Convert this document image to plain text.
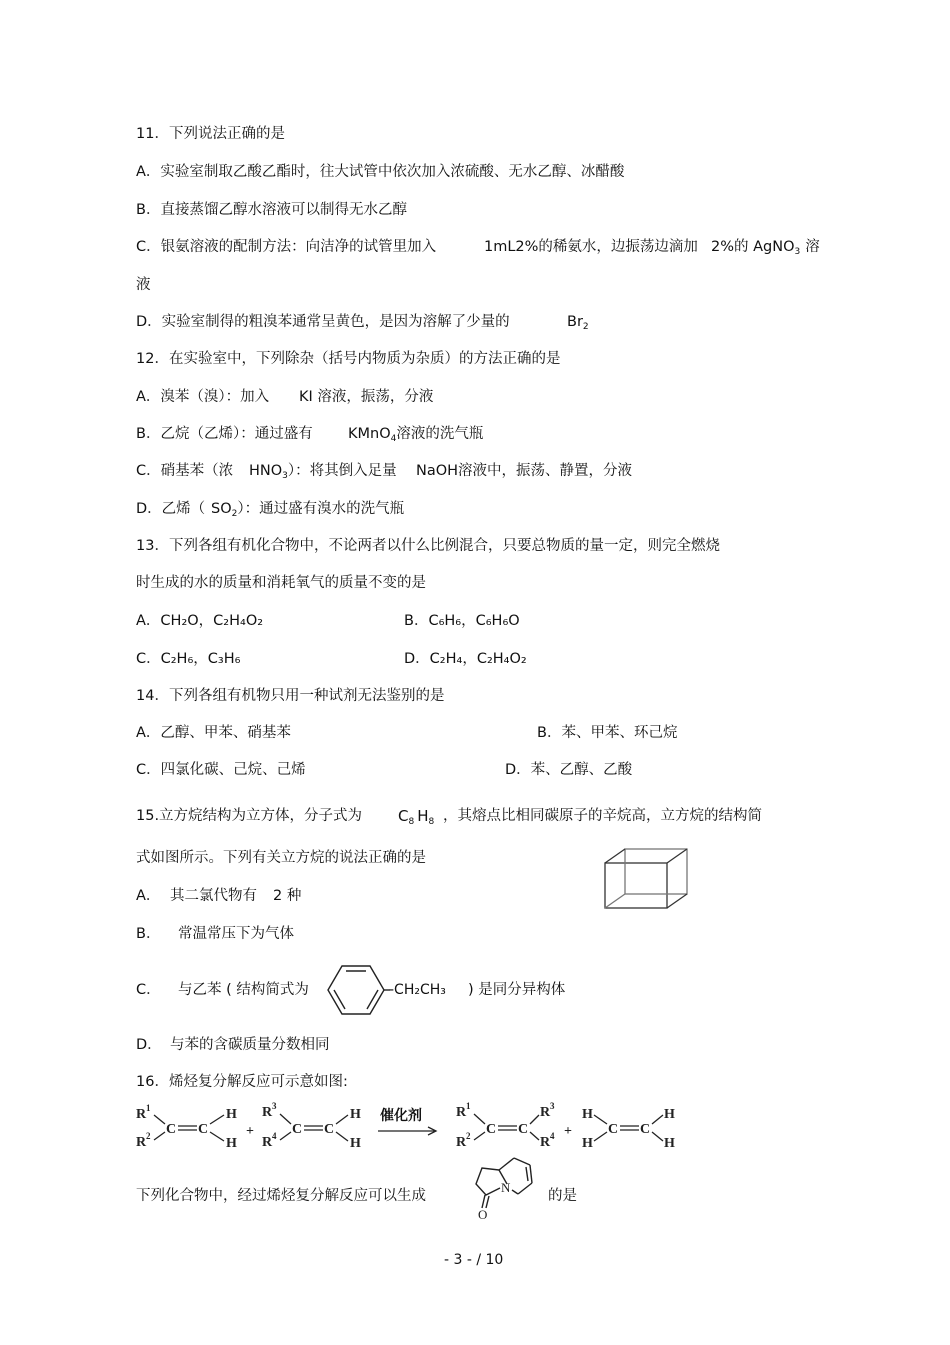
11．下列说法正确的是
A．实验室制取乙酸乙酯时，往大试管中依次加入浓硫酸、无水乙醇、冰醋酸
B．直接蒸馏乙醇水溶液可以制得无水乙醇
C．银氨溶液的配制方法：向洁净的试管里加入	1mL2%的稀氨水，边振荡边滴加 2%的 AgNO$_3$ 溶
液
D．实验室制得的粗溴苯通常呈黄色，是因为溶解了少量的	$Br_2$
12．在实验室中，下列除杂（括号内物质为杂质）的方法正确的是
A．溴苯（溴）：加入 KI 溶液，振荡，分液
B．乙烷（乙烯）：通过盛有 KMnO$_4$溶液的洗气瓶
C．硝基苯（浓 $HNO_3$）：将其倒入足量 NaOH溶液中，振荡、静置，分液
D．乙烯（ $SO_2$）：通过盛有溴水的洗气瓶
13．下列各组有机化合物中，不论两者以什么比例混合，只要总物质的量一定，则完全燃烧
时生成的水的质量和消耗氧气的质量不变的是
A．CH₂O，C₂H₄O₂	B．C₆H₆，C₆H₆O
C．C₂H₆，C₃H₆	D．C₂H₄，C₂H₄O₂
14．下列各组有机物只用一种试剂无法鉴别的是
A．乙醇、甲苯、硝基苯	B．苯、甲苯、环己烷
C．四氯化碳、己烷、己烯	D．苯、乙醇、乙酸
15.立方烷结构为立方体，分子式为 $C_8$ $H_8$ ，其熔点比相同碳原子的辛烷高，立方烷的结构简
式如图所示。下列有关立方烷的说法正确的是
A． 其二氯代物有 2 种
B． 常温常压下为气体
C． 与乙苯 ( 结构简式为	-CH₂CH₃ ) 是同分异构体
D． 与苯的含碳质量分数相同
16．烯烃复分解反应可示意如图:
R 1
R 2 C C
H
H
+
R 3
R 4 C C
H
H
R 1
R 2 C C
R 3
R 4 +
H
H
C C
H
H
催化剂
下列化合物中，经过烯烃复分解反应可以生成
N
O
的是
- 3 - / 10
